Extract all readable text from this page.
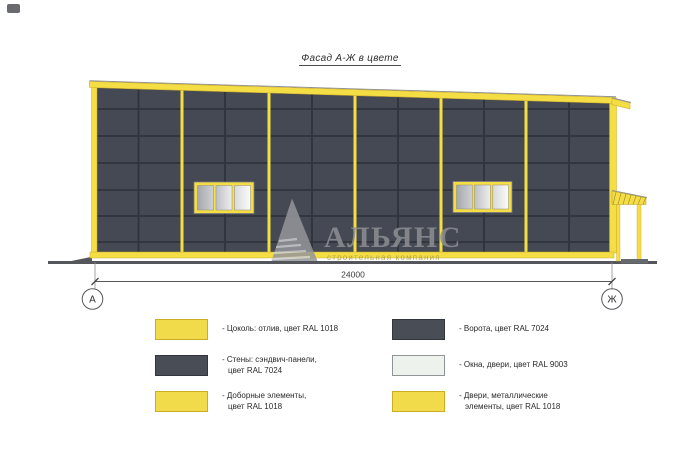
Фасад А-Ж в цвете
АЛЬЯНС
строительная компания
24000
А	Ж
- Цоколь: отлив, цвет RAL 1018
- Стены: сэндвич-панели,
цвет RAL 7024
- Доборные элементы,
цвет RAL 1018
- Ворота, цвет RAL 7024
- Окна, двери, цвет RAL 9003
- Двери, металлические
элементы, цвет RAL 1018
